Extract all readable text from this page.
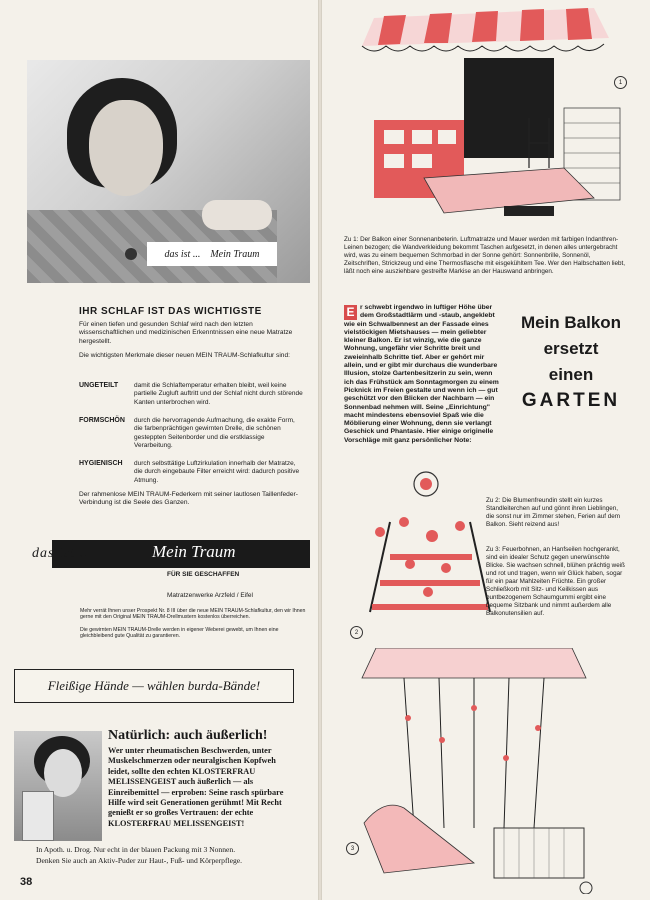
das ist ... Mein Traum
IHR SCHLAF IST DAS WICHTIGSTE
Für einen tiefen und gesunden Schlaf wird nach den letzten wissenschaftlichen und medizinischen Erkenntnissen eine neue Matratze hergestellt.
Die wichtigsten Merkmale dieser neuen MEIN TRAUM-Schlafkultur sind:
UNGETEILT damit die Schlaftemperatur erhalten bleibt, weil keine partielle Zugluft auftritt und der Schlaf nicht durch störende Kanten unterbrochen wird.
FORMSCHÖN durch die hervorragende Aufmachung, die exakte Form, die farbenprächtigen gewirnten Drelle, die schönen gesteppten Seitenborder und die erstklassige Verarbeitung.
HYGIENISCH durch selbsttätige Luftzirkulation innerhalb der Matratze, die durch eingebaute Filter erreicht wird: dadurch positive Atmung.
Der rahmenlose MEIN TRAUM-Federkern mit seiner lautlosen Taillenfeder-Verbindung ist die Seele des Ganzen.
das ist ..	Mein Traum
FÜR SIE GESCHAFFEN
Matratzenwerke Arzfeld / Eifel
Mehr verrät Ihnen unser Prospekt Nr. 8 III über die neue MEIN TRAUM-Schlafkultur, den wir Ihnen gerne mit den Original MEIN TRAUM-Drellmustern kostenlos überreichen.
Die gewirnten MEIN TRAUM-Drelle werden in eigener Weberei gewebt, um Ihnen eine gleichbleibend gute Qualität zu garantieren.
Fleißige Hände — wählen burda-Bände!
Natürlich: auch äußerlich!
Wer unter rheumatischen Beschwerden, unter Muskelschmerzen oder neuralgischen Kopfweh leidet, sollte den echten KLOSTERFRAU MELISSENGEIST auch äußerlich — als Einreibemittel — erproben: Seine rasch spürbare Hilfe wird seit Generationen gerühmt! Mit Recht genießt er so großes Vertrauen: der echte KLOSTERFRAU MELISSENGEIST!
In Apoth. u. Drog. Nur echt in der blauen Packung mit 3 Nonnen.
Denken Sie auch an Aktiv-Puder zur Haut-, Fuß- und Körperpflege.
38
1
Zu 1: Der Balkon einer Sonnenanbeterin. Luftmatratze und Mauer werden mit farbigen Indanthren-Leinen bezogen; die Wandverkleidung bekommt Taschen aufgesetzt, in denen alles untergebracht wird, was zu einem bequemen Schmorbad in der Sonne gehört: Sonnenbrille, Sonnenöl, Zeitschriften, Strickzeug und eine Thermosflasche mit eisgekühltem Tee. Wer den Halbschatten liebt, läßt noch eine ausziehbare gestreifte Markise an der Hauswand anbringen.
E r schwebt irgendwo in luftiger Höhe über dem Großstadtlärm und -staub, angeklebt wie ein Schwalbennest an der Fassade eines vielstöckigen Mietshauses — mein geliebter kleiner Balkon. Er ist winzig, wie die ganze Wohnung, ungefähr vier Schritte breit und zweieinhalb Schritte tief. Aber er gehört mir allein, und er gibt mir durchaus die wunderbare Illusion, stolze Gartenbesitzerin zu sein, wenn ich das Frühstück am Sonntagmorgen zu einem Picknick im Freien gestalte und wenn ich — gut geschützt vor den Blicken der Nachbarn — ein Sonnenbad nehmen will. Seine „Einrichtung" macht mindestens ebensoviel Spaß wie die Möblierung einer Wohnung, denn sie verlangt Geschick und Phantasie. Hier einige originelle Vorschläge mit ganz persönlicher Note:
Mein Balkon
ersetzt
einen
GARTEN
2
Zu 2: Die Blumenfreundin stellt ein kurzes Standleiterchen auf und gönnt ihren Lieblingen, die sonst nur im Zimmer stehen, Ferien auf dem Balkon. Sieht reizend aus!
Zu 3: Feuerbohnen, an Hanfseilen hochgerankt, sind ein idealer Schutz gegen unerwünschte Blicke. Sie wachsen schnell, blühen prächtig weiß und rot und tragen, wenn wir Glück haben, sogar für ein paar Mahlzeiten Früchte. Ein großer Schließkorb mit Sitz- und Keilkissen aus buntbezogenem Schaumgummi ergibt eine bequeme Sitzbank und nimmt außerdem alle Balkonutensilien auf.
3
